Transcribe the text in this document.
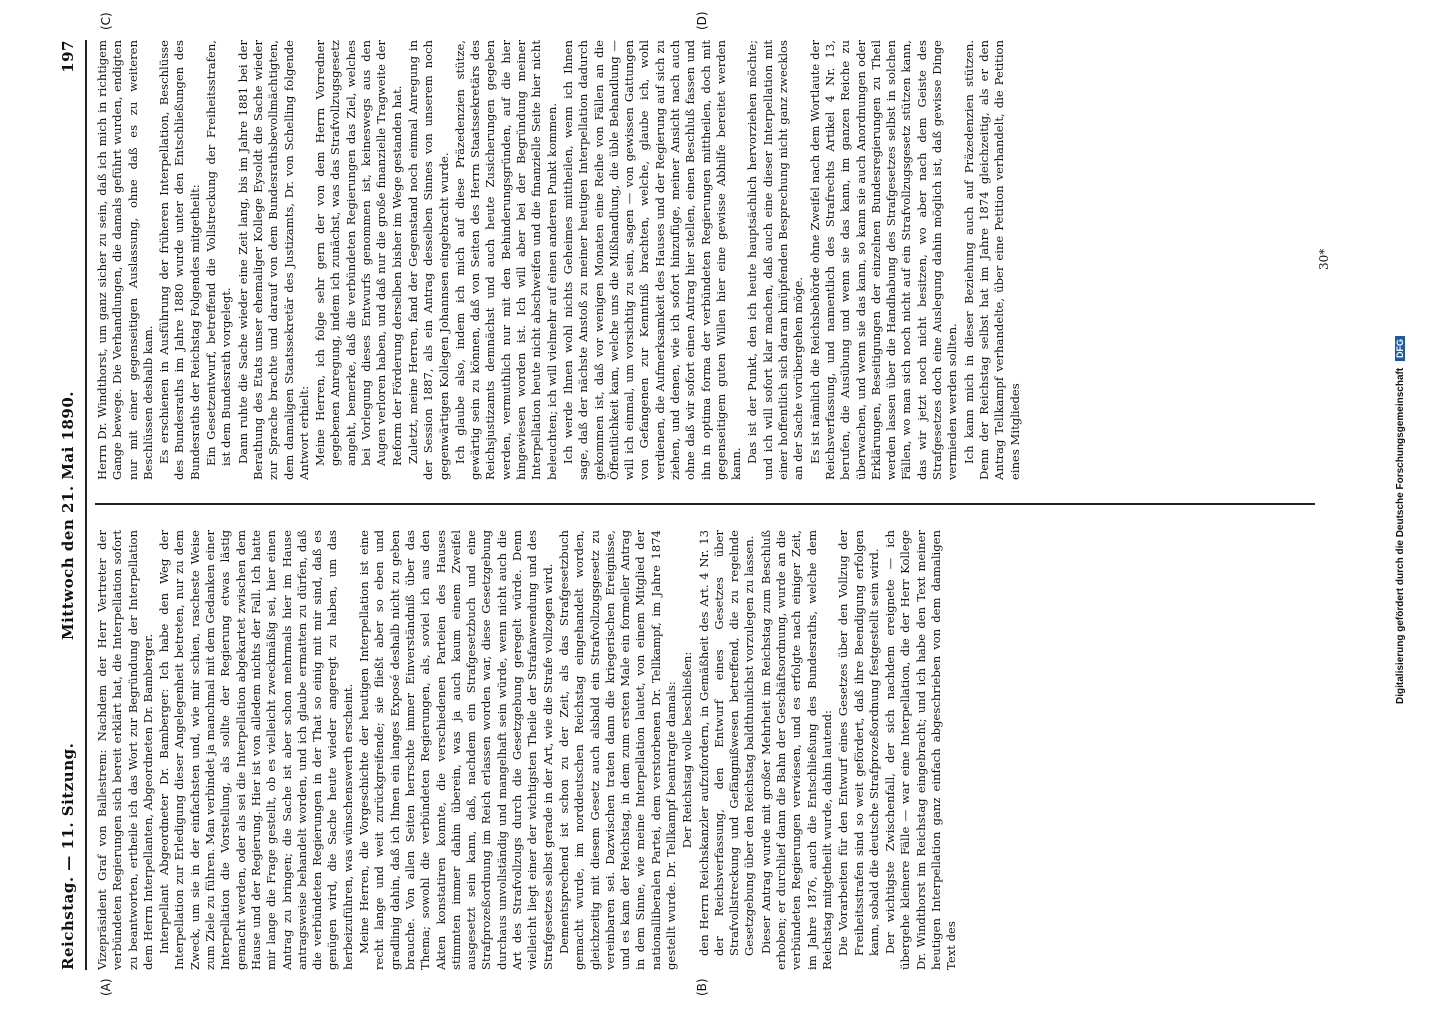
Reichstag. — 11. Sitzung.
Mittwoch den 21. Mai 1890.
197
(A)	(B)
(C)	(D)

Vizepräsident Graf von Ballestrem: Nachdem der Herr Vertreter der verbündeten Regierungen sich bereit erklärt hat, die Interpellation sofort zu beantworten, ertheile ich das Wort zur Begründung der Interpellation dem Herrn Interpellanten, Abgeordneten Dr. Bamberger. Interpellant Abgeordneter Dr. Bamberger: Ich habe den Weg der Interpellation zur Erledigung dieser Angelegenheit betreten, nur zu dem Zweck, um sie in der einfachsten und, wie mir schien, rascheste Weise zum Ziele zu führen. Man verbindet ja manchmal mit dem Gedanken einer Interpellation die Vorstellung, als sollte der Regierung etwas lästig gemacht werden, oder als sei die Interpellation abgekartet zwischen dem Hause und der Regierung. Hier ist von alledem nichts der Fall. Ich hatte mir lange die Frage gestellt, ob es vielleicht zweckmäßig sei, hier einen Antrag zu bringen; die Sache ist aber schon mehrmals hier im Hause antragsweise behandelt worden, und ich glaube ermatten zu dürfen, daß die verbündeten Regierungen in der That so einig mit mir sind, daß es genügen wird, die Sache heute wieder angeregt zu haben, um das herbeizuführen, was wünschenswerth erscheint. Meine Herren, die Vorgeschichte der heutigen Interpellation ist eine recht lange und weit zurückgreifende; sie fließt aber so eben und gradlinig dahin, daß ich Ihnen ein langes Exposé deshalb nicht zu geben brauche. Von allen Seiten herrschte immer Einverständniß über das Thema; sowohl die verbündeten Regierungen, als, soviel ich aus den Akten konstatiren konnte, die verschiedenen Parteien des Hauses stimmten immer dahin überein, was ja auch kaum einem Zweifel ausgesetzt sein kann, daß, nachdem ein Strafgesetzbuch und eine Strafprozeßordnung im Reich erlassen worden war, diese Gesetzgebung durchaus unvollständig und mangelhaft sein würde, wenn nicht auch die Art des Strafvollzugs durch die Gesetzgebung geregelt würde. Denn vielleicht liegt einer der wichtigsten Theile der Strafanwendung und des Strafgesetzes selbst gerade in der Art, wie die Strafe vollzogen wird. Dementsprechend ist schon zu der Zeit, als das Strafgesetzbuch gemacht wurde, im norddeutschen Reichstag eingehandelt worden, gleichzeitig mit diesem Gesetz auch alsbald ein Strafvollzugsgesetz zu vereinbaren sei. Dazwischen traten dann die kriegerischen Ereignisse, und es kam der Reichstag, in dem zum ersten Male ein formeller Antrag in dem Sinne, wie meine Interpellation lautet, von einem Mitglied der nationalliberalen Partei, dem verstorbenen Dr. Tellkampf, im Jahre 1874 gestellt wurde. Dr. Tellkampf beantragte damals: Der Reichstag wolle beschließen: den Herrn Reichskanzler aufzufordern, in Gemäßheit des Art. 4 Nr. 13 der Reichsverfassung, den Entwurf eines Gesetzes über Strafvollstreckung und Gefängnißwesen betreffend, die zu regelnde Gesetzgebung über den Reichstag baldthunlichst vorzulegen zu lassen. Dieser Antrag wurde mit großer Mehrheit im Reichstag zum Beschluß erhoben; er durchlief dann die Bahn der Geschäftsordnung, wurde an die verbündeten Regierungen verwiesen, und es erfolgte nach einiger Zeit, im Jahre 1876, auch die Entschließung des Bundesraths, welche dem Reichstag mitgetheilt wurde, dahin lautend: Die Vorarbeiten für den Entwurf eines Gesetzes über den Vollzug der Freiheitsstrafen sind so weit gefördert, daß ihre Beendigung erfolgen kann, sobald die deutsche Strafprozeßordnung festgestellt sein wird. Der wichtigste Zwischenfall, der sich nachdem ereignete — ich übergehe kleinere Fälle — war eine Interpellation, die der Herr Kollege Dr. Windthorst im Reichstag eingebracht; und ich habe den Text meiner heutigen Interpellation ganz einfach abgeschrieben von dem damaligen Text des

Herrn Dr. Windthorst, um ganz sicher zu sein, daß ich mich in richtigem Gange bewege. Die Verhandlungen, die damals geführt wurden, endigten nur mit einer gegenseitigen Auslassung, ohne daß es zu weiteren Beschlüssen deshalb kam. Es erschienen in Ausführung der früheren Interpellation, Beschlüsse des Bundesraths im Jahre 1880 wurde unter den Entschließungen des Bundesraths der Reichstag Folgendes mitgetheilt: Ein Gesetzentwurf, betreffend die Vollstreckung der Freiheitsstrafen, ist dem Bundesrath vorgelegt. Dann ruhte die Sache wieder eine Zeit lang, bis im Jahre 1881 bei der Berathung des Etats unser ehemaliger Kollege Eysoldt die Sache wieder zur Sprache brachte und darauf von dem Bundesrathsbevollmächtigten, dem damaligen Staatssekretär des Justizamts, Dr. von Schelling folgende Antwort erhielt: Meine Herren, ich folge sehr gern der von dem Herrn Vorredner gegebenen Anregung, indem ich zunächst, was das Strafvollzugsgesetz angeht, bemerke, daß die verbündeten Regierungen das Ziel, welches bei Vorlegung dieses Entwurfs genommen ist, keineswegs aus den Augen verloren haben, und daß nur die große finanzielle Tragweite der Reform der Förderung derselben bisher im Wege gestanden hat. Zuletzt, meine Herren, fand der Gegenstand noch einmal Anregung in der Session 1887, als ein Antrag desselben Sinnes von unserem noch gegenwärtigen Kollegen Johannsen eingebracht wurde. Ich glaube also, indem ich mich auf diese Präzedenzien stütze, gewärtig sein zu können, daß von Seiten des Herrn Staatssekretärs des Reichsjustizamts demnächst und auch heute Zusicherungen gegeben werden, vermuthlich nur mit den Behinderungsgründen, auf die hier hingewiesen worden ist. Ich will aber bei der Begründung meiner Interpellation heute nicht abschweifen und die finanzielle Seite hier nicht beleuchten; ich will vielmehr auf einen anderen Punkt kommen. Ich werde Ihnen wohl nichts Geheimes mittheilen, wenn ich Ihnen sage, daß der nächste Anstoß zu meiner heutigen Interpellation dadurch gekommen ist, daß vor wenigen Monaten eine Reihe von Fällen an die Öffentlichkeit kam, welche uns die Mißhandlung, die üble Behandlung — will ich einmal, um vorsichtig zu sein, sagen — von gewissen Gattungen von Gefangenen zur Kenntniß brachten, welche, glaube ich, wohl verdienen, die Aufmerksamkeit des Hauses und der Regierung auf sich zu ziehen, und denen, wie ich sofort hinzufüge, meiner Ansicht nach auch ohne daß wir sofort einen Antrag hier stellen, einen Beschluß fassen und ihn in optima forma der verbündeten Regierungen mittheilen, doch mit gegenseitigem guten Willen hier eine gewisse Abhilfe bereitet werden kann. Das ist der Punkt, den ich heute hauptsächlich hervorziehen möchte; und ich will sofort klar machen, daß auch eine dieser Interpellation mit einer hoffentlich sich daran knüpfenden Besprechung nicht ganz zwecklos an der Sache vorübergehen möge. Es ist nämlich die Reichsbehörde ohne Zweifel nach dem Wortlaute der Reichsverfassung, und namentlich des Strafrechts Artikel 4 Nr. 13, berufen, die Ausübung und wenn sie das kann, im ganzen Reiche zu überwachen, und wenn sie das kann, so kann sie auch Anordnungen oder Erklärungen, Beseitigungen der einzelnen Bundesregierungen zu Theil werden lassen über die Handhabung des Strafgesetzes selbst in solchen Fällen, wo man sich noch nicht auf ein Strafvollzugsgesetz stützen kann, das wir jetzt noch nicht besitzen, wo aber nach dem Geiste des Strafgesetzes doch eine Auslegung dahin möglich ist, daß gewisse Dinge vermieden werden sollten. Ich kann mich in dieser Beziehung auch auf Präzedenzien stützen. Denn der Reichstag selbst hat im Jahre 1874 gleichzeitig, als er den Antrag Tellkampf verhandelte, über eine Petition verhandelt, die Petition eines Mitgliedes

30*
Digitalisierung gefördert durch die Deutsche Forschungsgemeinschaft DFG
